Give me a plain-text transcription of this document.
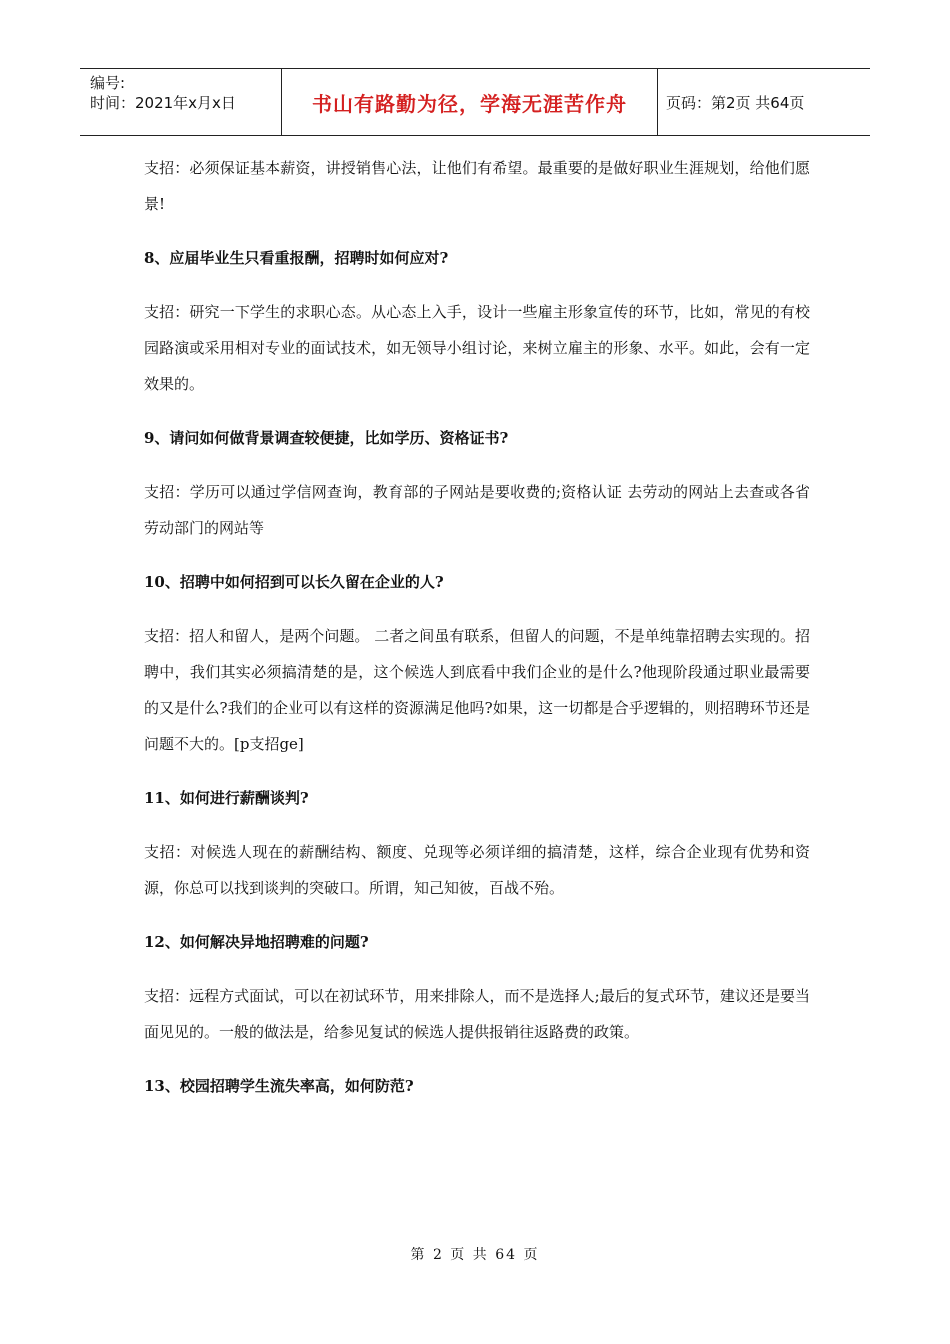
编号:
时间：2021年x月x日	书山有路勤为径，学海无涯苦作舟	页码：第2页 共64页

支招：必须保证基本薪资，讲授销售心法，让他们有希望。最重要的是做好职业生涯规划，给他们愿景!

8、应届毕业生只看重报酬，招聘时如何应对?

支招：研究一下学生的求职心态。从心态上入手，设计一些雇主形象宣传的环节，比如，常见的有校园路演或采用相对专业的面试技术，如无领导小组讨论，来树立雇主的形象、水平。如此，会有一定效果的。

9、请问如何做背景调查较便捷，比如学历、资格证书?

支招：学历可以通过学信网查询，教育部的子网站是要收费的;资格认证 去劳动的网站上去查或各省劳动部门的网站等

10、招聘中如何招到可以长久留在企业的人?

支招：招人和留人，是两个问题。 二者之间虽有联系，但留人的问题，不是单纯靠招聘去实现的。招聘中，我们其实必须搞清楚的是，这个候选人到底看中我们企业的是什么?他现阶段通过职业最需要的又是什么?我们的企业可以有这样的资源满足他吗?如果，这一切都是合乎逻辑的，则招聘环节还是问题不大的。[p支招ge]

11、如何进行薪酬谈判?

支招：对候选人现在的薪酬结构、额度、兑现等必须详细的搞清楚，这样，综合企业现有优势和资源，你总可以找到谈判的突破口。所谓，知己知彼，百战不殆。

12、如何解决异地招聘难的问题?

支招：远程方式面试，可以在初试环节，用来排除人，而不是选择人;最后的复式环节，建议还是要当面见见的。一般的做法是，给参见复试的候选人提供报销往返路费的政策。

13、校园招聘学生流失率高，如何防范?

第 2 页 共 64 页
